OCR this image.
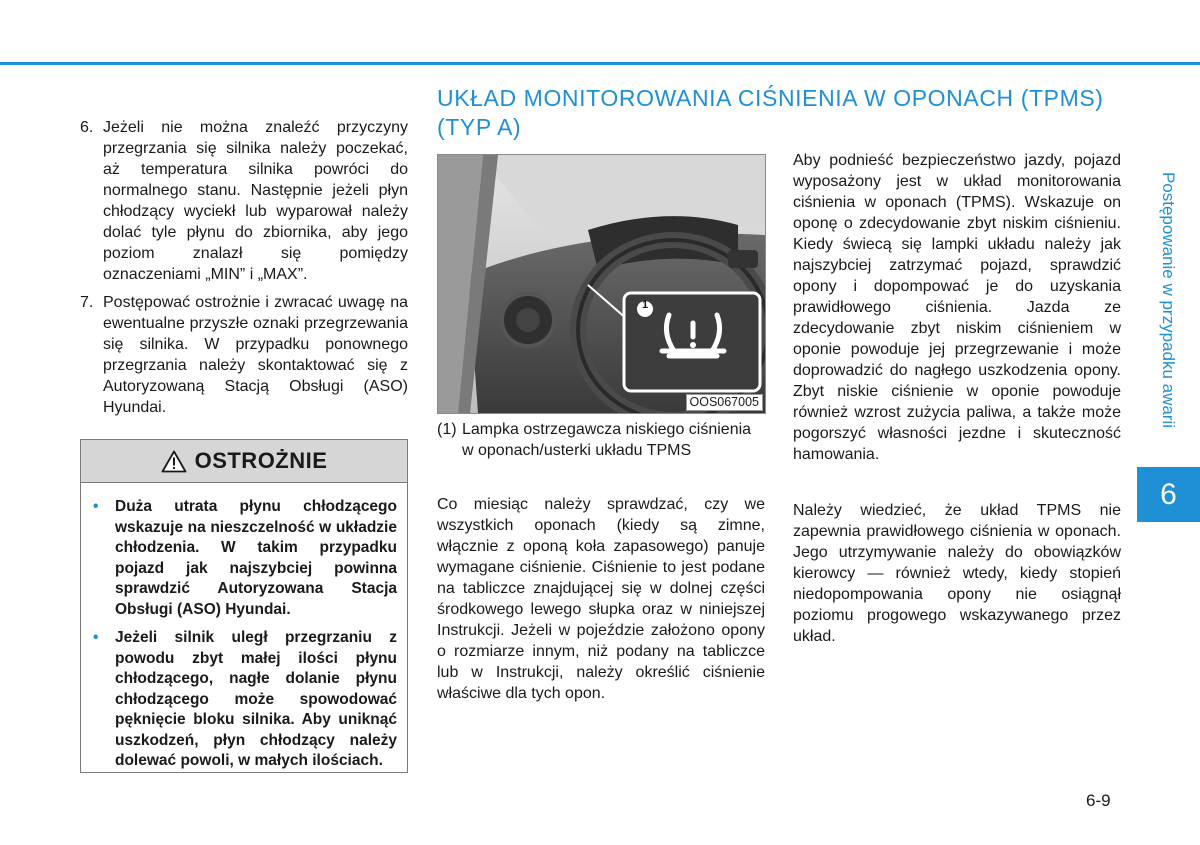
6. Jeżeli nie można znaleźć przyczyny przegrzania się silnika należy poczekać, aż temperatura silnika powróci do normalnego stanu. Następnie jeżeli płyn chłodzący wyciekł lub wyparował należy dolać tyle płynu do zbiornika, aby jego poziom znalazł się pomiędzy oznaczeniami „MIN” i „MAX”.
7. Postępować ostrożnie i zwracać uwagę na ewentualne przyszłe oznaki przegrzewania się silnika. W przypadku ponownego przegrzania należy skontaktować się z Autoryzowaną Stacją Obsługi (ASO) Hyundai.
OSTROŻNIE
• Duża utrata płynu chłodzącego wskazuje na nieszczelność w układzie chłodzenia. W takim przypadku pojazd jak najszybciej powinna sprawdzić Autoryzowana Stacja Obsługi (ASO) Hyundai.
• Jeżeli silnik uległ przegrzaniu z powodu zbyt małej ilości płynu chłodzącego, nagłe dolanie płynu chłodzącego może spowodować pęknięcie bloku silnika. Aby uniknąć uszkodzeń, płyn chłodzący należy dolewać powoli, w małych ilościach.
UKŁAD MONITOROWANIA CIŚNIENIA W OPONACH (TPMS) (TYP A)
1
OOS067005
(1) Lampka ostrzegawcza niskiego ciśnienia w oponach/usterki układu TPMS

Co miesiąc należy sprawdzać, czy we wszystkich oponach (kiedy są zimne, włącznie z oponą koła zapasowego) panuje wymagane ciśnienie. Ciśnienie to jest podane na tabliczce znajdującej się w dolnej części środkowego lewego słupka oraz w niniejszej Instrukcji. Jeżeli w pojeździe założono opony o rozmiarze innym, niż podany na tabliczce lub w Instrukcji, należy określić ciśnienie właściwe dla tych opon.

Aby podnieść bezpieczeństwo jazdy, pojazd wyposażony jest w układ monitorowania ciśnienia w oponach (TPMS). Wskazuje on oponę o zdecydowanie zbyt niskim ciśnieniu. Kiedy świecą się lampki układu należy jak najszybciej zatrzymać pojazd, sprawdzić opony i dopompować je do uzyskania prawidłowego ciśnienia. Jazda ze zdecydowanie zbyt niskim ciśnieniem w oponie powoduje jej przegrzewanie i może doprowadzić do nagłego uszkodzenia opony. Zbyt niskie ciśnienie w oponie powoduje również wzrost zużycia paliwa, a także może pogorszyć własności jezdne i skuteczność hamowania.

Należy wiedzieć, że układ TPMS nie zapewnia prawidłowego ciśnienia w oponach. Jego utrzymywanie należy do obowiązków kierowcy — również wtedy, kiedy stopień niedopompowania opony nie osiągnął poziomu progowego wskazywanego przez układ.

Postępowanie w przypadku awarii
6
6-9
